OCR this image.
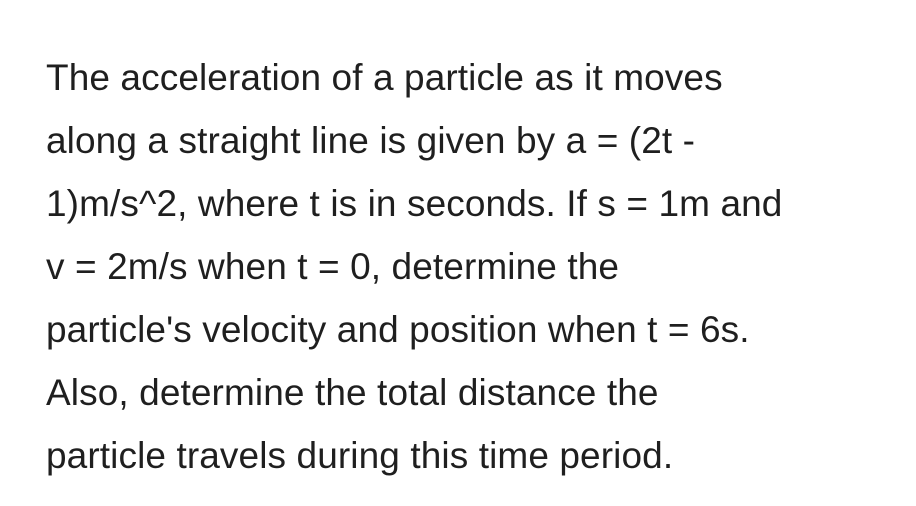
The acceleration of a particle as it moves
along a straight line is given by a = (2t -
1)m/s^2, where t is in seconds. If s = 1m and
v = 2m/s when t = 0, determine the
particle's velocity and position when t = 6s.
Also, determine the total distance the
particle travels during this time period.
